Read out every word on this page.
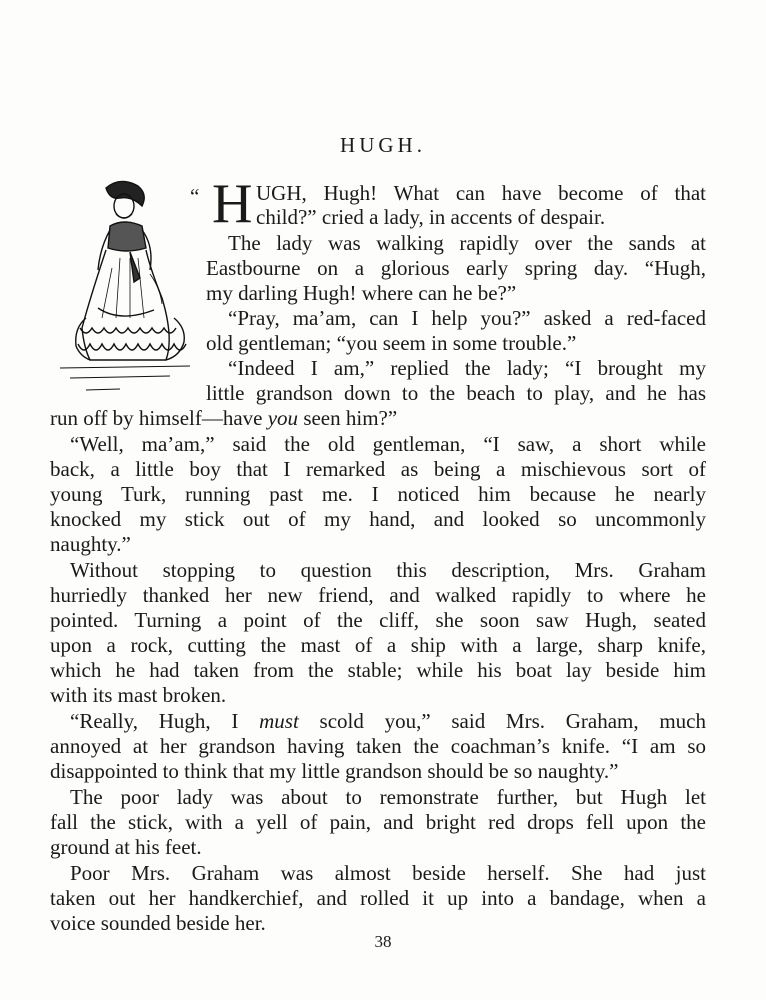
HUGH.
“ H UGH, Hugh! What can have become of that
child?” cried a lady, in accents of despair.
The lady was walking rapidly over the sands at
Eastbourne on a glorious early spring day. “Hugh,
my darling Hugh! where can he be?”
“Pray, ma’am, can I help you?” asked a red-faced
old gentleman; “you seem in some trouble.”
“Indeed I am,” replied the lady; “I brought my
little grandson down to the beach to play, and he has
run off by himself—have you seen him?”
“Well, ma’am,” said the old gentleman, “I saw, a short while
back, a little boy that I remarked as being a mischievous sort of
young Turk, running past me. I noticed him because he nearly
knocked my stick out of my hand, and looked so uncommonly
naughty.”
Without stopping to question this description, Mrs. Graham
hurriedly thanked her new friend, and walked rapidly to where he
pointed. Turning a point of the cliff, she soon saw Hugh, seated
upon a rock, cutting the mast of a ship with a large, sharp knife,
which he had taken from the stable; while his boat lay beside him
with its mast broken.
“Really, Hugh, I must scold you,” said Mrs. Graham, much
annoyed at her grandson having taken the coachman’s knife. “I am so
disappointed to think that my little grandson should be so naughty.”
The poor lady was about to remonstrate further, but Hugh let
fall the stick, with a yell of pain, and bright red drops fell upon the
ground at his feet.
Poor Mrs. Graham was almost beside herself. She had just
taken out her handkerchief, and rolled it up into a bandage, when a
voice sounded beside her.
38
